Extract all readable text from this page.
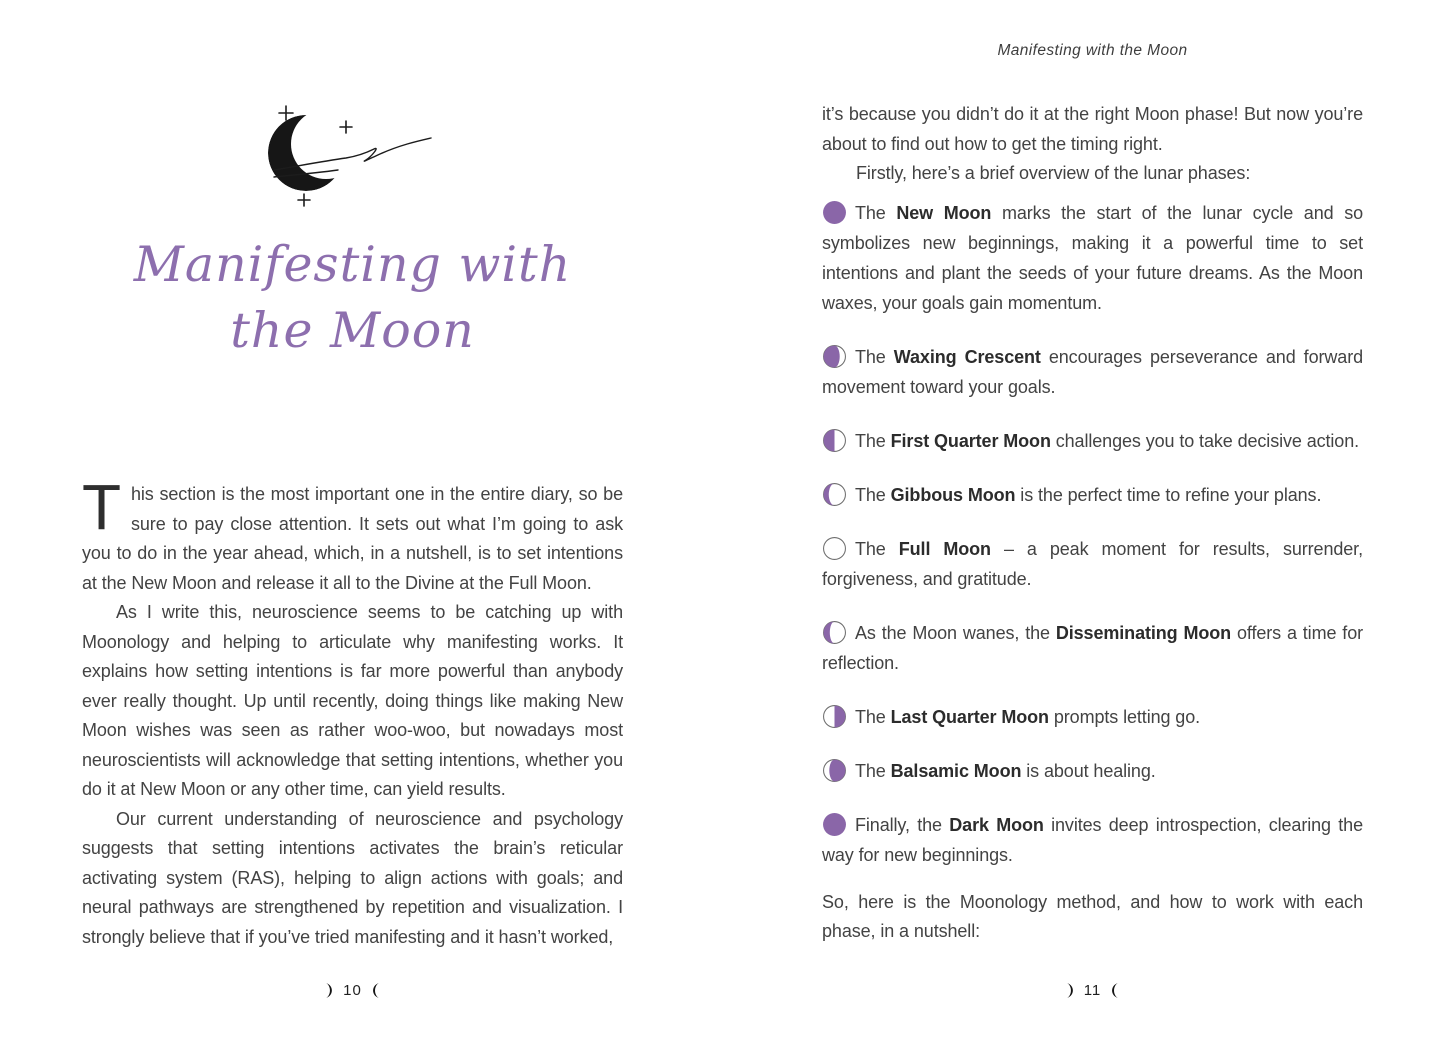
Manifesting with
the Moon

This section is the most important one in the entire diary, so be sure to pay close attention. It sets out what I’m going to ask you to do in the year ahead, which, in a nutshell, is to set intentions at the New Moon and release it all to the Divine at the Full Moon.

As I write this, neuroscience seems to be catching up with Moonology and helping to articulate why manifesting works. It explains how setting intentions is far more powerful than anybody ever really thought. Up until recently, doing things like making New Moon wishes was seen as rather woo-woo, but nowadays most neuroscientists will acknowledge that setting intentions, whether you do it at New Moon or any other time, can yield results.

Our current understanding of neuroscience and psychology suggests that setting intentions activates the brain’s reticular activating system (RAS), helping to align actions with goals; and neural pathways are strengthened by repetition and visualization. I strongly believe that if you’ve tried manifesting and it hasn’t worked,

10
Manifesting with the Moon

it’s because you didn’t do it at the right Moon phase! But now you’re about to find out how to get the timing right.

Firstly, here’s a brief overview of the lunar phases:

The New Moon marks the start of the lunar cycle and so symbolizes new beginnings, making it a powerful time to set intentions and plant the seeds of your future dreams. As the Moon waxes, your goals gain momentum.

The Waxing Crescent encourages perseverance and forward movement toward your goals.

The First Quarter Moon challenges you to take decisive action.

The Gibbous Moon is the perfect time to refine your plans.

The Full Moon – a peak moment for results, surrender, forgiveness, and gratitude.

As the Moon wanes, the Disseminating Moon offers a time for reflection.

The Last Quarter Moon prompts letting go.

The Balsamic Moon is about healing.

Finally, the Dark Moon invites deep introspection, clearing the way for new beginnings.

So, here is the Moonology method, and how to work with each phase, in a nutshell:

11
